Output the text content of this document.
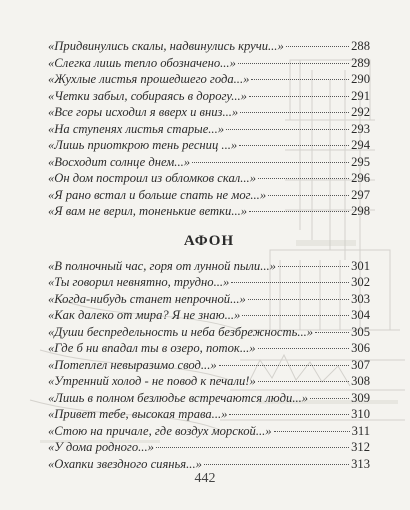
«Придвинулись скалы, надвинулись кручи...»	288
«Слегка лишь тепло обозначено...»	289
«Жухлые листья прошедшего года...»	290
«Четки забыл, собираясь в дорогу...»	291
«Все горы исходил я вверх и вниз...»	292
«На ступенях листья старые...»	293
«Лишь приоткрою тень ресниц ...»	294
«Восходит солнце днем...»	295
«Он дом построил из обломков скал...»	296
«Я рано встал и больше спать не мог...»	297
«Я вам не верил, тоненькие ветки...»	298
АФОН
«В полночный час, горя от лунной пыли...»	301
«Ты говорил невнятно, трудно...»	302
«Когда-нибудь станет непрочной...»	303
«Как далеко от мира? Я не знаю...»	304
«Души беспредельность и неба безбрежность...»	305
«Где б ни впадал ты в озеро, поток...»	306
«Потеплел невыразимо свод...»	307
«Утренний холод - не повод к печали!»	308
«Лишь в полном безлюдье встречаются люди...»	309
«Привет тебе, высокая трава...»	310
«Стою на причале, где воздух морской...»	311
«У дома родного...»	312
«Охапки звездного сиянья...»	313
442
